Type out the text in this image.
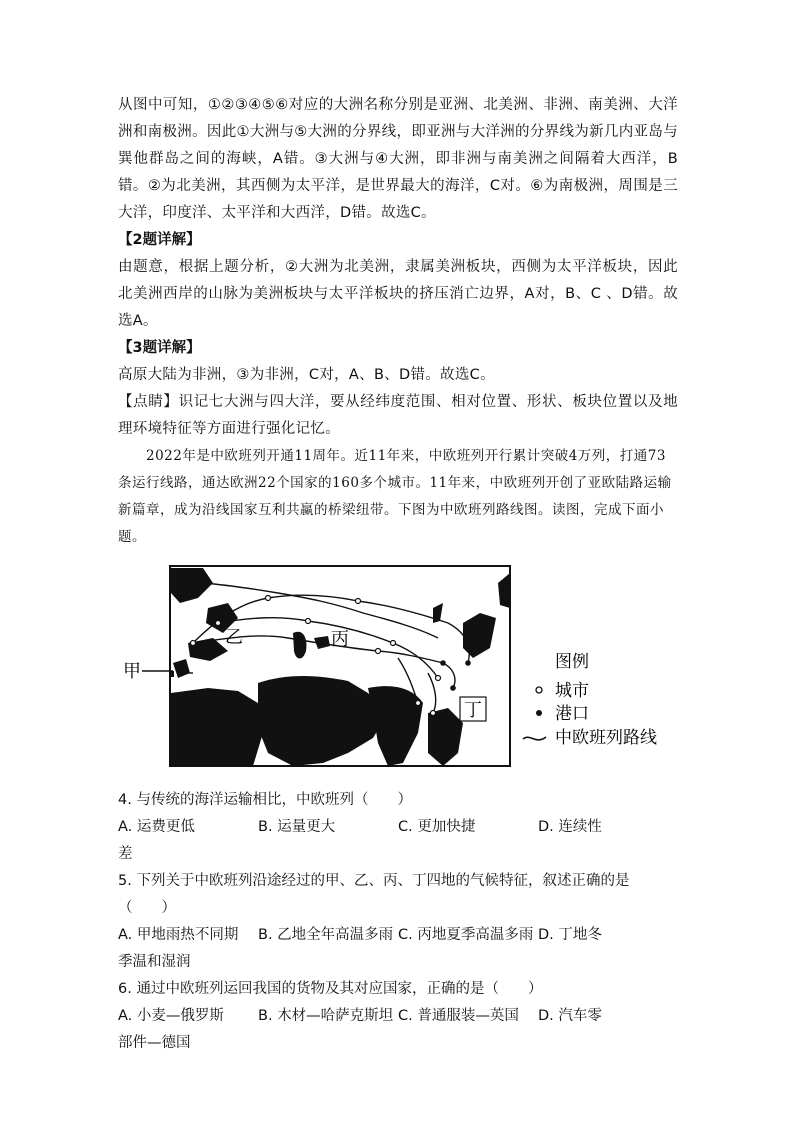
从图中可知，①②③④⑤⑥对应的大洲名称分别是亚洲、北美洲、非洲、南美洲、大洋洲和南极洲。因此①大洲与⑤大洲的分界线，即亚洲与大洋洲的分界线为新几内亚岛与巽他群岛之间的海峡，A错。③大洲与④大洲，即非洲与南美洲之间隔着大西洋，B错。②为北美洲，其西侧为太平洋，是世界最大的海洋，C对。⑥为南极洲，周围是三大洋，印度洋、太平洋和大西洋，D错。故选C。

【2题详解】

由题意，根据上题分析，②大洲为北美洲，隶属美洲板块，西侧为太平洋板块，因此北美洲西岸的山脉为美洲板块与太平洋板块的挤压消亡边界，A对，B、C 、D错。故选A。

【3题详解】

高原大陆为非洲，③为非洲，C对，A、B、D错。故选C。

【点睛】识记七大洲与四大洋，要从经纬度范围、相对位置、形状、板块位置以及地理环境特征等方面进行强化记忆。

2022年是中欧班列开通11周年。近11年来，中欧班列开行累计突破4万列，打通73条运行线路，通达欧洲22个国家的160多个城市。11年来，中欧班列开创了亚欧陆路运输新篇章，成为沿线国家互利共赢的桥梁纽带。下图为中欧班列路线图。读图，完成下面小题。

甲
乙	丙
丁
图例
城市
港口
中欧班列路线

4. 与传统的海洋运输相比，中欧班列（　　）

A. 运费更低	B. 运量更大	C. 更加快捷	D. 连续性

差

5. 下列关于中欧班列沿途经过的甲、乙、丙、丁四地的气候特征，叙述正确的是（　　）

A. 甲地雨热不同期	B. 乙地全年高温多雨 C. 丙地夏季高温多雨 D. 丁地冬

季温和湿润

6. 通过中欧班列运回我国的货物及其对应国家，正确的是（　　）

A. 小麦—俄罗斯	B. 木材—哈萨克斯坦 C. 普通服装—英国	D. 汽车零

部件—德国
